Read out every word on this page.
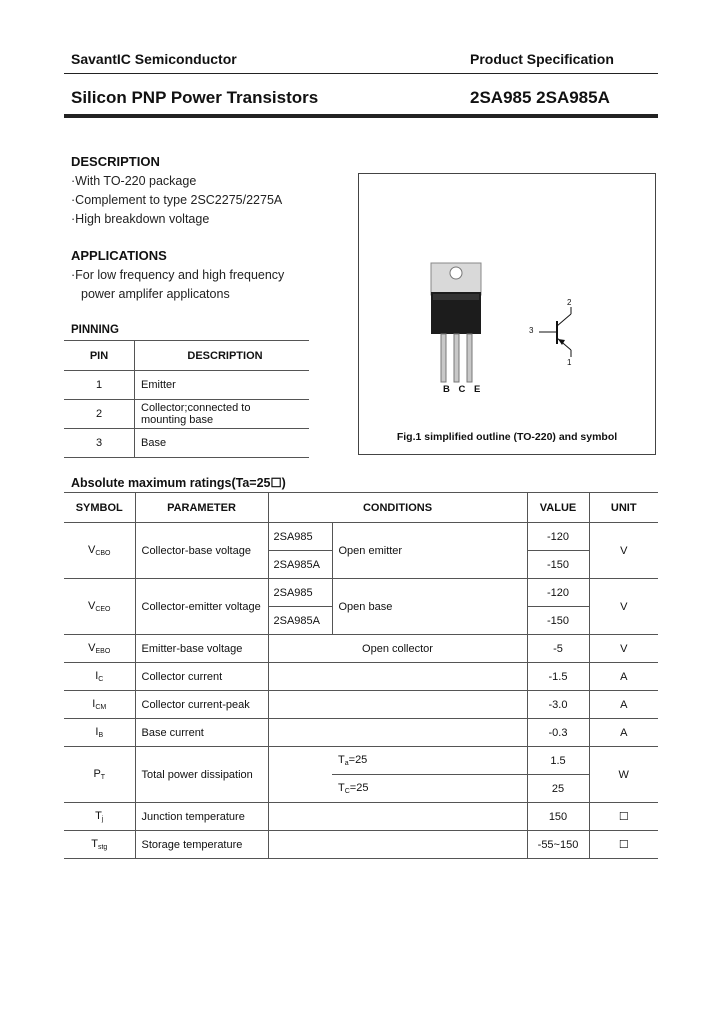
SavantIC Semiconductor	Product Specification
Silicon PNP Power Transistors	2SA985 2SA985A
DESCRIPTION
·With TO-220 package
·Complement to type 2SC2275/2275A
·High breakdown voltage
APPLICATIONS
·For low frequency and high frequency
power amplifer applicatons
PINNING
PIN	DESCRIPTION
1	Emitter
2	Collector;connected to mounting base
3	Base
B C E
2
1
3
Fig.1 simplified outline (TO-220) and symbol
Absolute maximum ratings(Ta=25☐)
SYMBOL	PARAMETER	CONDITIONS		VALUE	UNIT
$V_{CBO}$	Collector-base voltage	2SA985	Open emitter	-120	V
		2SA985A		-150	
$V_{CEO}$	Collector-emitter voltage	2SA985	Open base	-120	V
		2SA985A		-150	
$V_{EBO}$	Emitter-base voltage	Open collector		-5	V
$I_C$	Collector current			-1.5	A
$I_{CM}$	Collector current-peak			-3.0	A
$I_B$	Base current			-0.3	A
$P_T$	Total power dissipation		$T_a=25$	1.5	W
			$T_C=25$	25	
$T_j$	Junction temperature			150	☐
$T_{stg}$	Storage temperature			-55~150	☐
